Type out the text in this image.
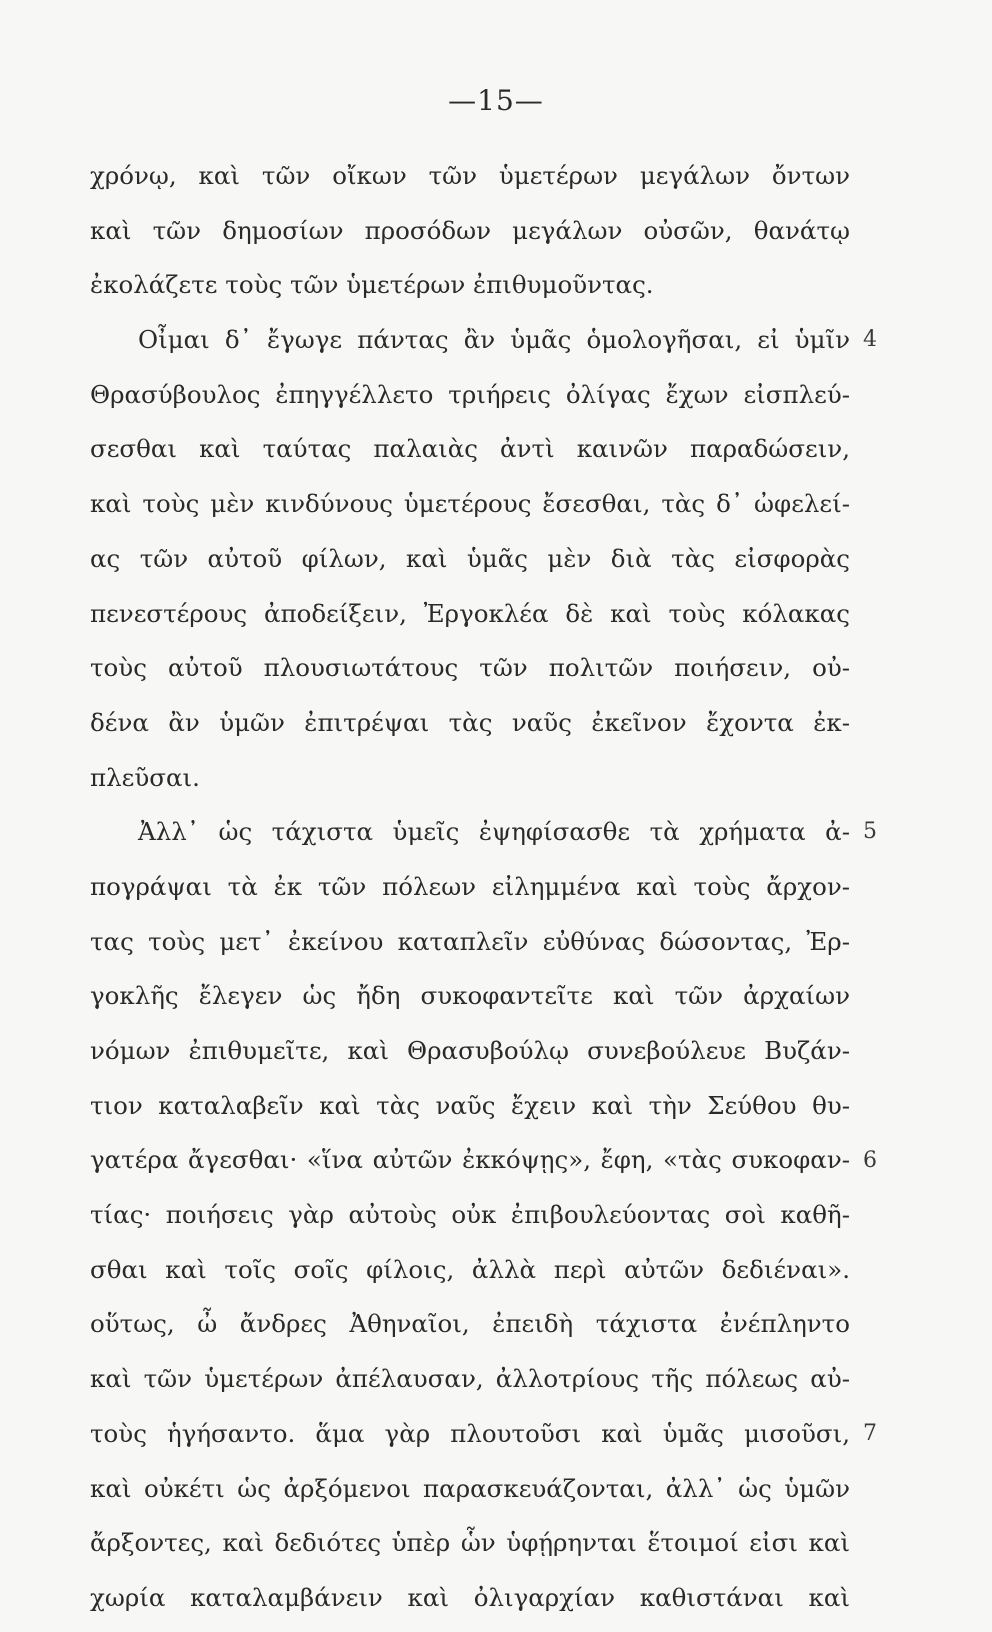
—15—
χρόνῳ, καὶ τῶν οἴκων τῶν ὑμετέρων μεγάλων ὄντων
καὶ τῶν δημοσίων προσόδων μεγάλων οὐσῶν, θανάτῳ
ἐκολάζετε τοὺς τῶν ὑμετέρων ἐπιθυμοῦντας.
Οἶμαι δ᾽ ἔγωγε πάντας ἂν ὑμᾶς ὁμολογῆσαι, εἰ ὑμῖν
Θρασύβουλος ἐπηγγέλλετο τριήρεις ὀλίγας ἔχων εἰσπλεύ-
σεσθαι καὶ ταύτας παλαιὰς ἀντὶ καινῶν παραδώσειν,
καὶ τοὺς μὲν κινδύνους ὑμετέρους ἔσεσθαι, τὰς δ᾽ ὠφελεί-
ας τῶν αὐτοῦ φίλων, καὶ ὑμᾶς μὲν διὰ τὰς εἰσφορὰς
πενεστέρους ἀποδείξειν, Ἐργοκλέα δὲ καὶ τοὺς κόλακας
τοὺς αὐτοῦ πλουσιωτάτους τῶν πολιτῶν ποιήσειν, οὐ-
δένα ἂν ὑμῶν ἐπιτρέψαι τὰς ναῦς ἐκεῖνον ἔχοντα ἐκ-
πλεῦσαι.
Ἀλλ᾽ ὡς τάχιστα ὑμεῖς ἐψηφίσασθε τὰ χρήματα ἀ-
πογράψαι τὰ ἐκ τῶν πόλεων εἰλημμένα καὶ τοὺς ἄρχον-
τας τοὺς μετ᾽ ἐκείνου καταπλεῖν εὐθύνας δώσοντας, Ἐρ-
γοκλῆς ἔλεγεν ὡς ἤδη συκοφαντεῖτε καὶ τῶν ἀρχαίων
νόμων ἐπιθυμεῖτε, καὶ Θρασυβούλῳ συνεβούλευε Βυζάν-
τιον καταλαβεῖν καὶ τὰς ναῦς ἔχειν καὶ τὴν Σεύθου θυ-
γατέρα ἄγεσθαι· «ἵνα αὐτῶν ἐκκόψῃς», ἔφη, «τὰς συκοφαν-
τίας· ποιήσεις γὰρ αὐτοὺς οὐκ ἐπιβουλεύοντας σοὶ καθῆ-
σθαι καὶ τοῖς σοῖς φίλοις, ἀλλὰ περὶ αὐτῶν δεδιέναι».
οὕτως, ὦ ἄνδρες Ἀθηναῖοι, ἐπειδὴ τάχιστα ἐνέπληντο
καὶ τῶν ὑμετέρων ἀπέλαυσαν, ἀλλοτρίους τῆς πόλεως αὐ-
τοὺς ἡγήσαντο. ἅμα γὰρ πλουτοῦσι καὶ ὑμᾶς μισοῦσι,
καὶ οὐκέτι ὡς ἀρξόμενοι παρασκευάζονται, ἀλλ᾽ ὡς ὑμῶν
ἄρξοντες, καὶ δεδιότες ὑπὲρ ὧν ὑφῄρηνται ἕτοιμοί εἰσι καὶ
χωρία καταλαμβάνειν καὶ ὀλιγαρχίαν καθιστάναι καὶ
4
5
6
7
